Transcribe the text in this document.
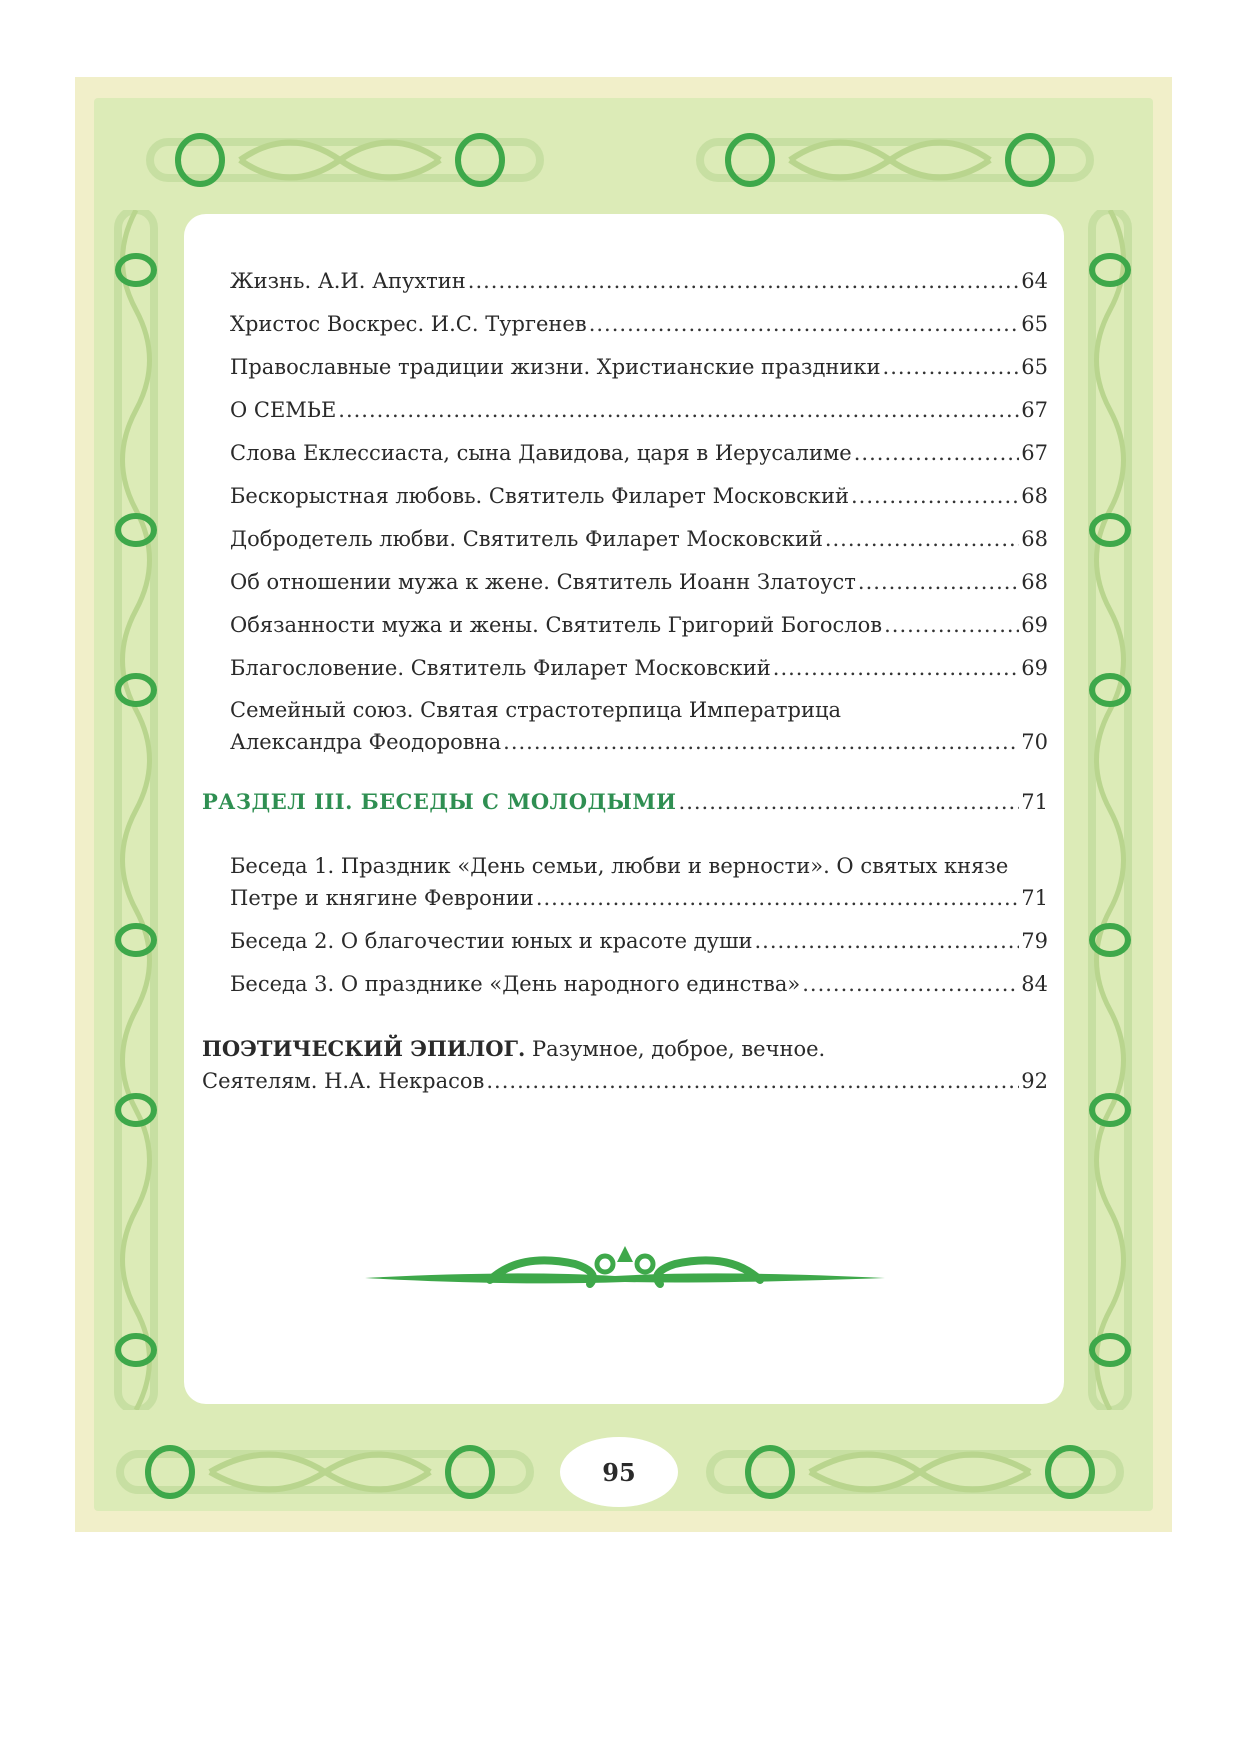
Жизнь. А.И. Апухтин .....	64
Христос Воскрес. И.С. Тургенев .....	65
Православные традиции жизни. Христианские праздники .....	65
О СЕМЬЕ .....	67
Слова Еклессиаста, сына Давидова, царя в Иерусалиме .....	67
Бескорыстная любовь. Святитель Филарет Московский .....	68
Добродетель любви. Святитель Филарет Московский .....	68
Об отношении мужа к жене. Святитель Иоанн Златоуст .....	68
Обязанности мужа и жены. Святитель Григорий Богослов .....	69
Благословение. Святитель Филарет Московский .....	69
Семейный союз. Святая страстотерпица Императрица
Александра Феодоровна .....	70
РАЗДЕЛ III. БЕСЕДЫ С МОЛОДЫМИ .....	71
Беседа 1. Праздник «День семьи, любви и верности». О святых князе
Петре и княгине Февронии .....	71
Беседа 2. О благочестии юных и красоте души .....	79
Беседа 3. О празднике «День народного единства» .....	84
ПОЭТИЧЕСКИЙ ЭПИЛОГ. Разумное, доброе, вечное.
Сеятелям. Н.А. Некрасов .....	92
95
